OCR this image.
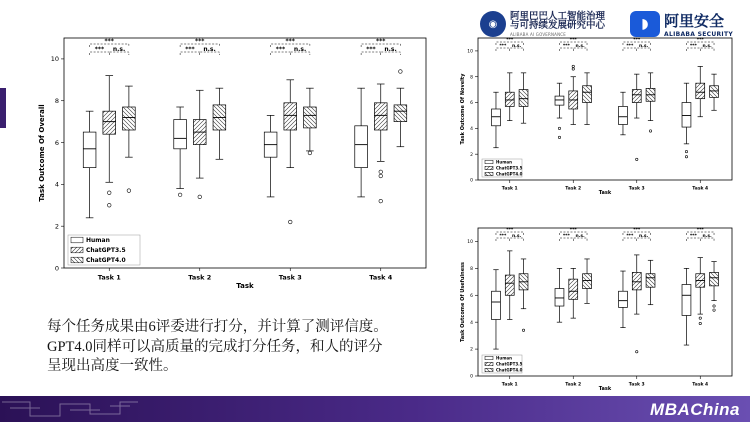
◉
阿里巴巴人工智能治理
与可持续发展研究中心
ALIBABA AI GOVERNANCE
◗	阿里安全
ALIBABA SECURITY
0
2
4
6
8
10
Task Outcome Of Overall
Task
Task 1
***
*** n.s.
Task 2
***
*** n.s.
Task 3
***
*** n.s.
Task 4
***
*** n.s.
Human
ChatGPT3.5
ChatGPT4.0
0
2
4
6
8
10
Task Outcome Of Novelty
Task
Task 1
***
*** n.s.
Task 2
***
*** n.s.
Task 3
***
*** n.s.
Task 4
***
*** n.s.
Human
ChatGPT3.5
ChatGPT4.0
0
2
4
6
8
10
Task Outcome Of Usefulness
Task
Task 1
***
*** n.s.
Task 2
***
*** n.s.
Task 3
***
*** n.s.
Task 4
***
*** n.s.
Human
ChatGPT3.5
ChatGPT4.0
每个任务成果由6评委进行打分，并计算了测评信度。
GPT4.0同样可以高质量的完成打分任务，和人的评分
呈现出高度一致性。
MBAChina
